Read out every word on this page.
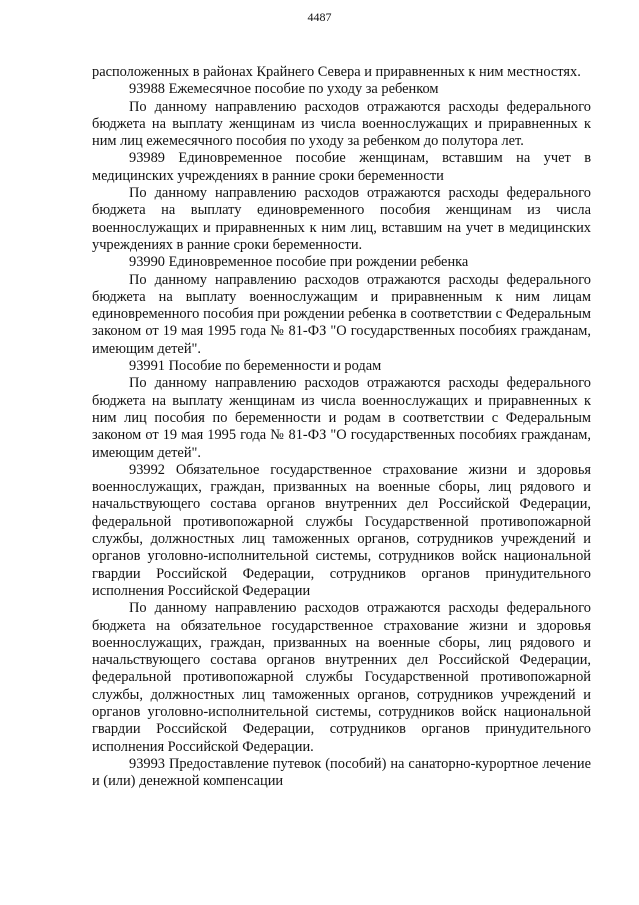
4487

расположенных в районах Крайнего Севера и приравненных к ним местностях.

93988 Ежемесячное пособие по уходу за ребенком

По данному направлению расходов отражаются расходы федерального бюджета на выплату женщинам из числа военнослужащих и приравненных к ним лиц ежемесячного пособия по уходу за ребенком до полутора лет.

93989 Единовременное пособие женщинам, вставшим на учет в медицинских учреждениях в ранние сроки беременности

По данному направлению расходов отражаются расходы федерального бюджета на выплату единовременного пособия женщинам из числа военнослужащих и приравненных к ним лиц, вставшим на учет в медицинских учреждениях в ранние сроки беременности.

93990 Единовременное пособие при рождении ребенка

По данному направлению расходов отражаются расходы федерального бюджета на выплату военнослужащим и приравненным к ним лицам единовременного пособия при рождении ребенка в соответствии с Федеральным законом от 19 мая 1995 года № 81-ФЗ "О государственных пособиях гражданам, имеющим детей".

93991 Пособие по беременности и родам

По данному направлению расходов отражаются расходы федерального бюджета на выплату женщинам из числа военнослужащих и приравненных к ним лиц пособия по беременности и родам в соответствии с Федеральным законом от 19 мая 1995 года № 81-ФЗ "О государственных пособиях гражданам, имеющим детей".

93992 Обязательное государственное страхование жизни и здоровья военнослужащих, граждан, призванных на военные сборы, лиц рядового и начальствующего состава органов внутренних дел Российской Федерации, федеральной противопожарной службы Государственной противопожарной службы, должностных лиц таможенных органов, сотрудников учреждений и органов уголовно-исполнительной системы, сотрудников войск национальной гвардии Российской Федерации, сотрудников органов принудительного исполнения Российской Федерации

По данному направлению расходов отражаются расходы федерального бюджета на обязательное государственное страхование жизни и здоровья военнослужащих, граждан, призванных на военные сборы, лиц рядового и начальствующего состава органов внутренних дел Российской Федерации, федеральной противопожарной службы Государственной противопожарной службы, должностных лиц таможенных органов, сотрудников учреждений и органов уголовно-исполнительной системы, сотрудников войск национальной гвардии Российской Федерации, сотрудников органов принудительного исполнения Российской Федерации.

93993 Предоставление путевок (пособий) на санаторно-курортное лечение и (или) денежной компенсации
